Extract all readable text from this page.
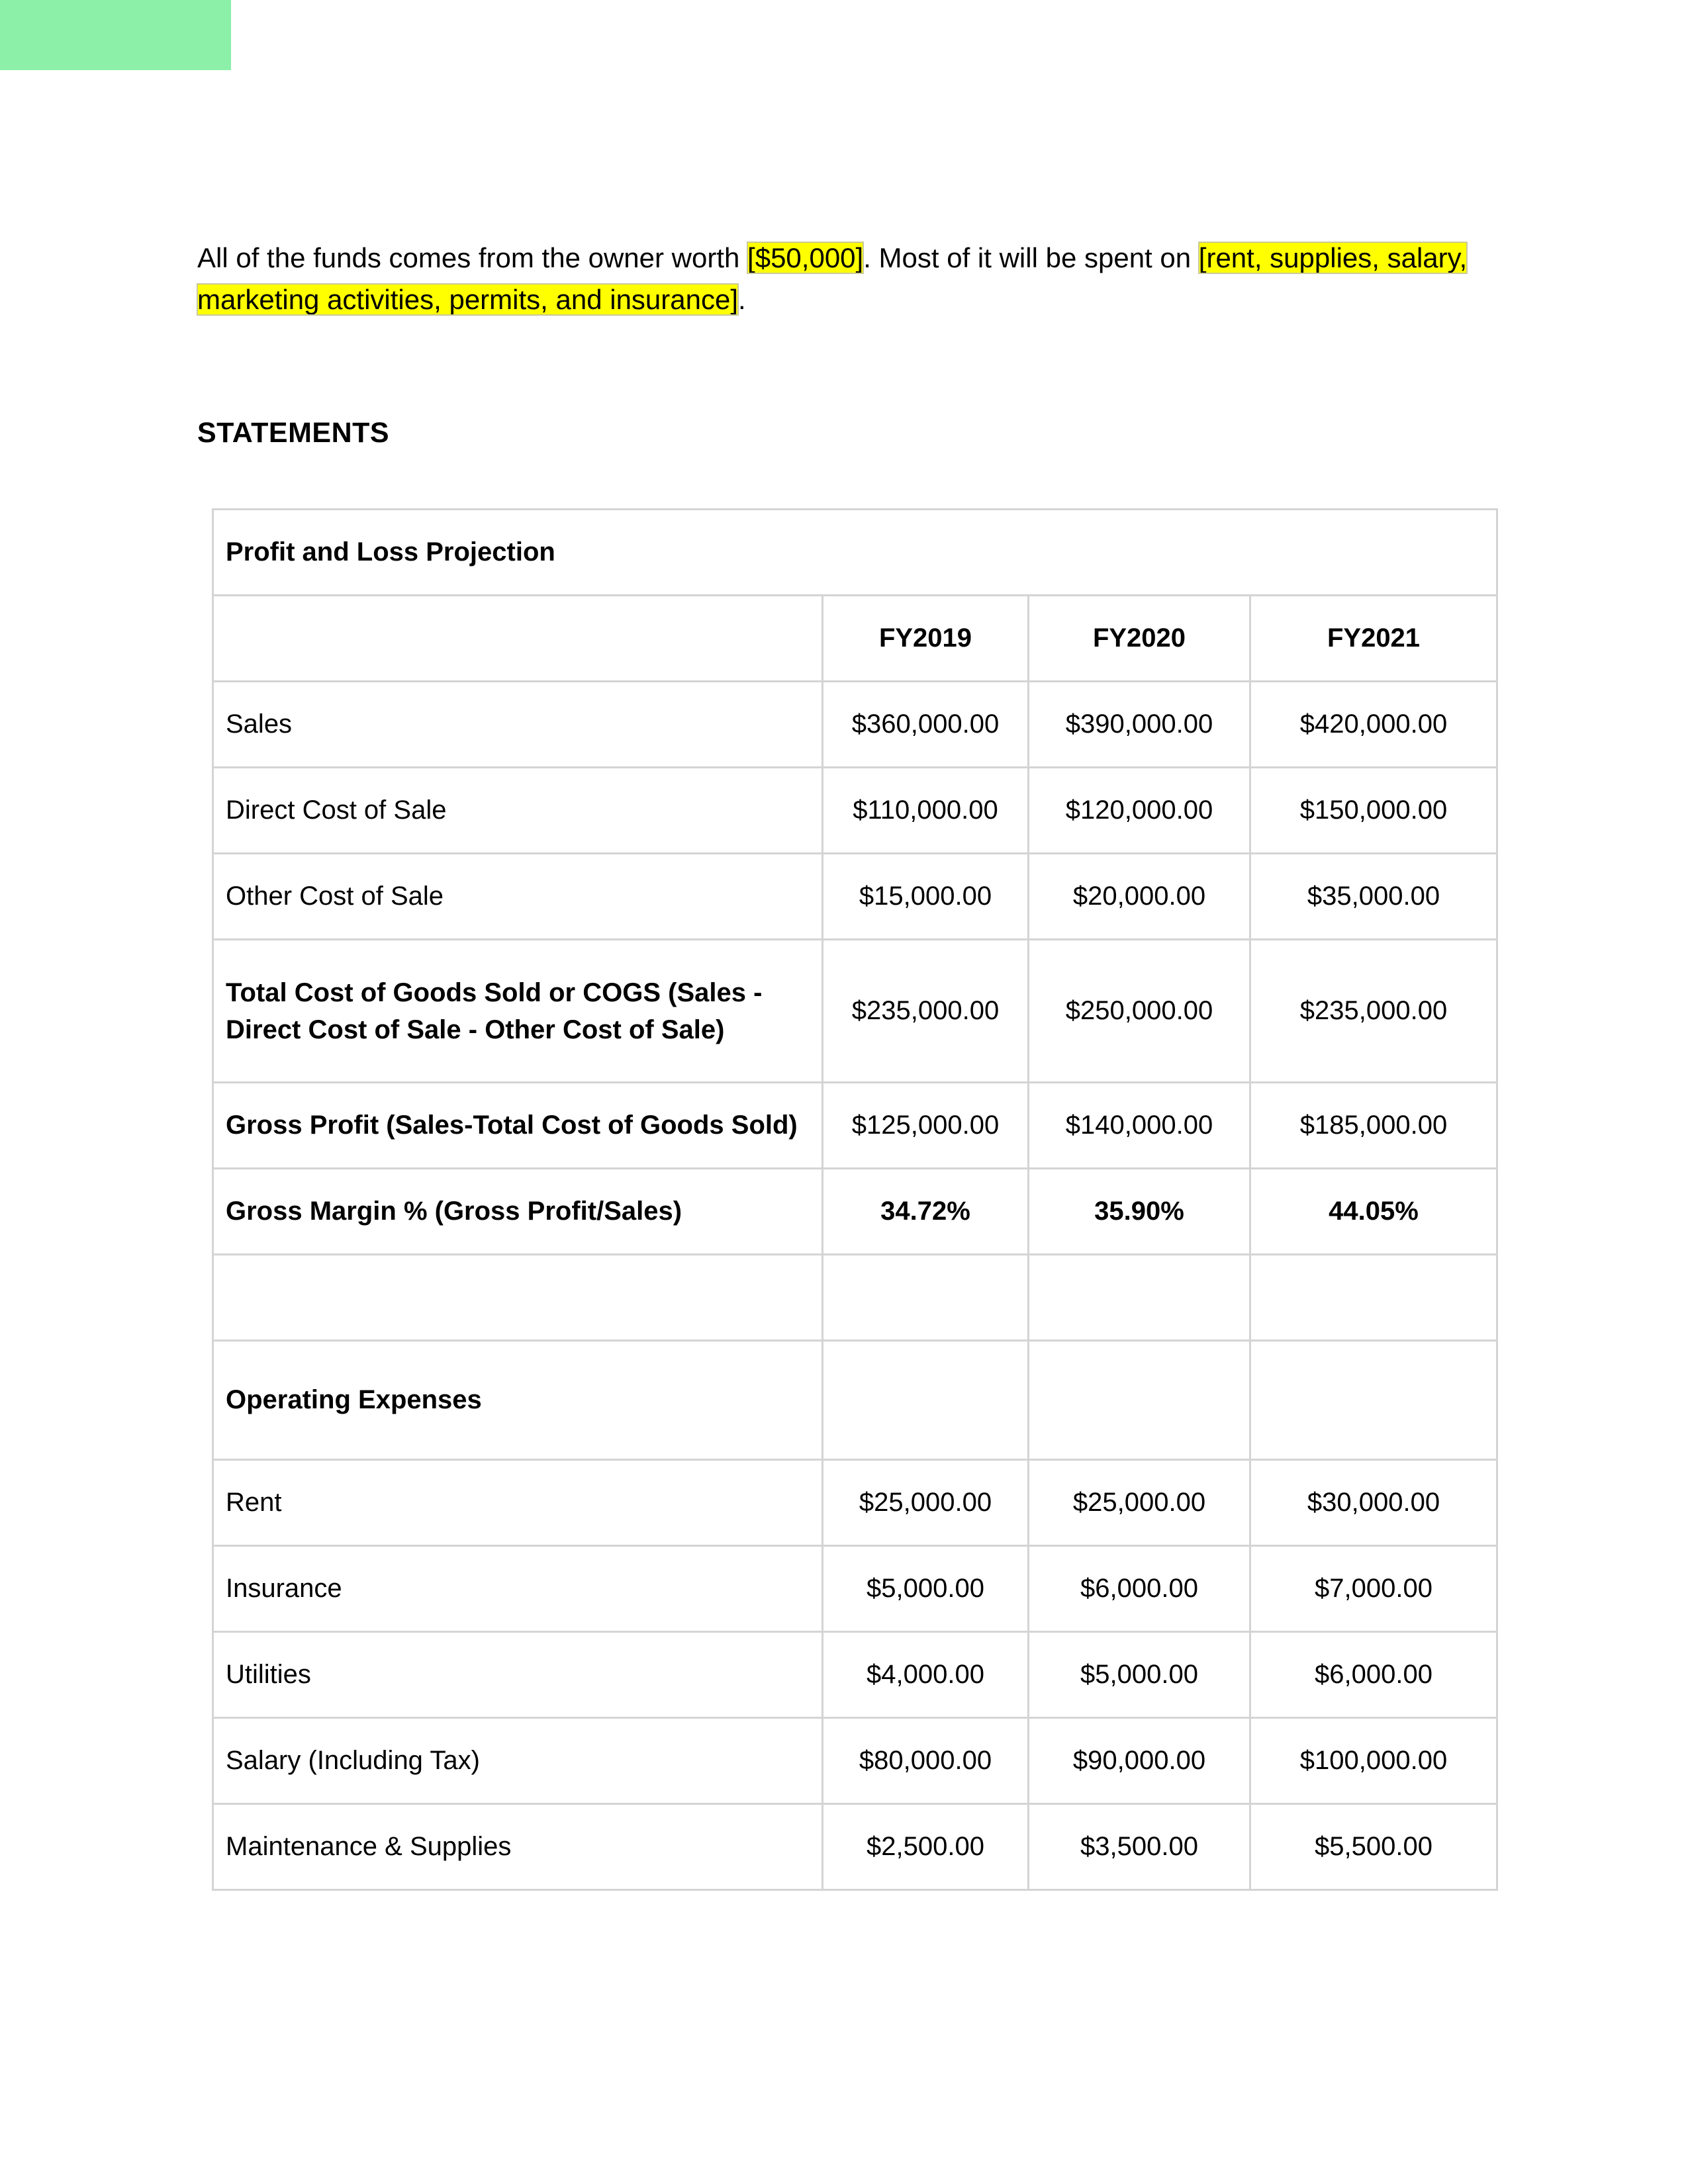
All of the funds comes from the owner worth [$50,000]. Most of it will be spent on [rent, supplies, salary, marketing activities, permits, and insurance].

STATEMENTS
Profit and Loss Projection			
	FY2019	FY2020	FY2021
Sales	$360,000.00	$390,000.00	$420,000.00
Direct Cost of Sale	$110,000.00	$120,000.00	$150,000.00
Other Cost of Sale	$15,000.00	$20,000.00	$35,000.00
Total Cost of Goods Sold or COGS (Sales - Direct Cost of Sale - Other Cost of Sale)	$235,000.00	$250,000.00	$235,000.00
Gross Profit (Sales-Total Cost of Goods Sold)	$125,000.00	$140,000.00	$185,000.00
Gross Margin % (Gross Profit/Sales)	34.72%	35.90%	44.05%

Operating Expenses			
Rent	$25,000.00	$25,000.00	$30,000.00
Insurance	$5,000.00	$6,000.00	$7,000.00
Utilities	$4,000.00	$5,000.00	$6,000.00
Salary (Including Tax)	$80,000.00	$90,000.00	$100,000.00
Maintenance & Supplies	$2,500.00	$3,500.00	$5,500.00
